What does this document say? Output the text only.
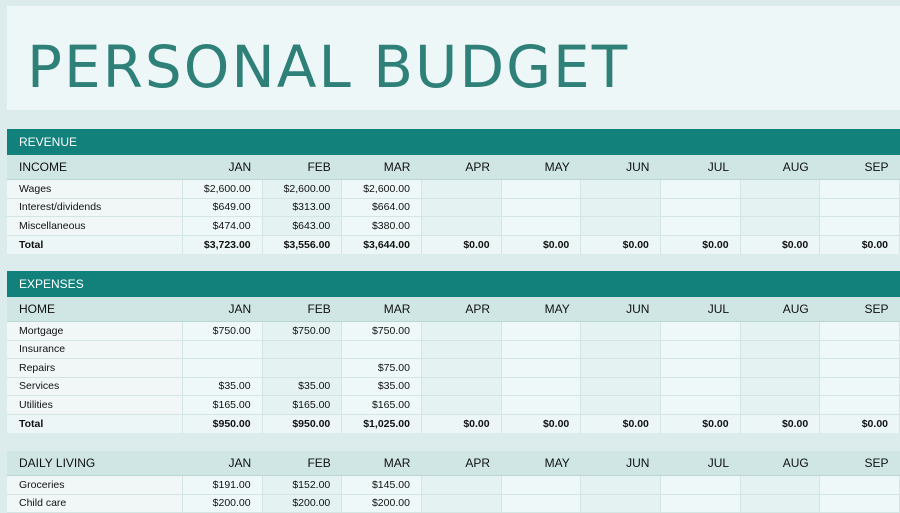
PERSONAL BUDGET
REVENUE
INCOME	JAN	FEB	MAR	APR	MAY	JUN	JUL	AUG	SEP
Wages	$2,600.00	$2,600.00	$2,600.00						
Interest/dividends	$649.00	$313.00	$664.00						
Miscellaneous	$474.00	$643.00	$380.00						
Total	$3,723.00	$3,556.00	$3,644.00	$0.00	$0.00	$0.00	$0.00	$0.00	$0.00
EXPENSES
HOME	JAN	FEB	MAR	APR	MAY	JUN	JUL	AUG	SEP
Mortgage	$750.00	$750.00	$750.00						
Insurance									
Repairs			$75.00						
Services	$35.00	$35.00	$35.00						
Utilities	$165.00	$165.00	$165.00						
Total	$950.00	$950.00	$1,025.00	$0.00	$0.00	$0.00	$0.00	$0.00	$0.00
DAILY LIVING	JAN	FEB	MAR	APR	MAY	JUN	JUL	AUG	SEP
Groceries	$191.00	$152.00	$145.00						
Child care	$200.00	$200.00	$200.00						
